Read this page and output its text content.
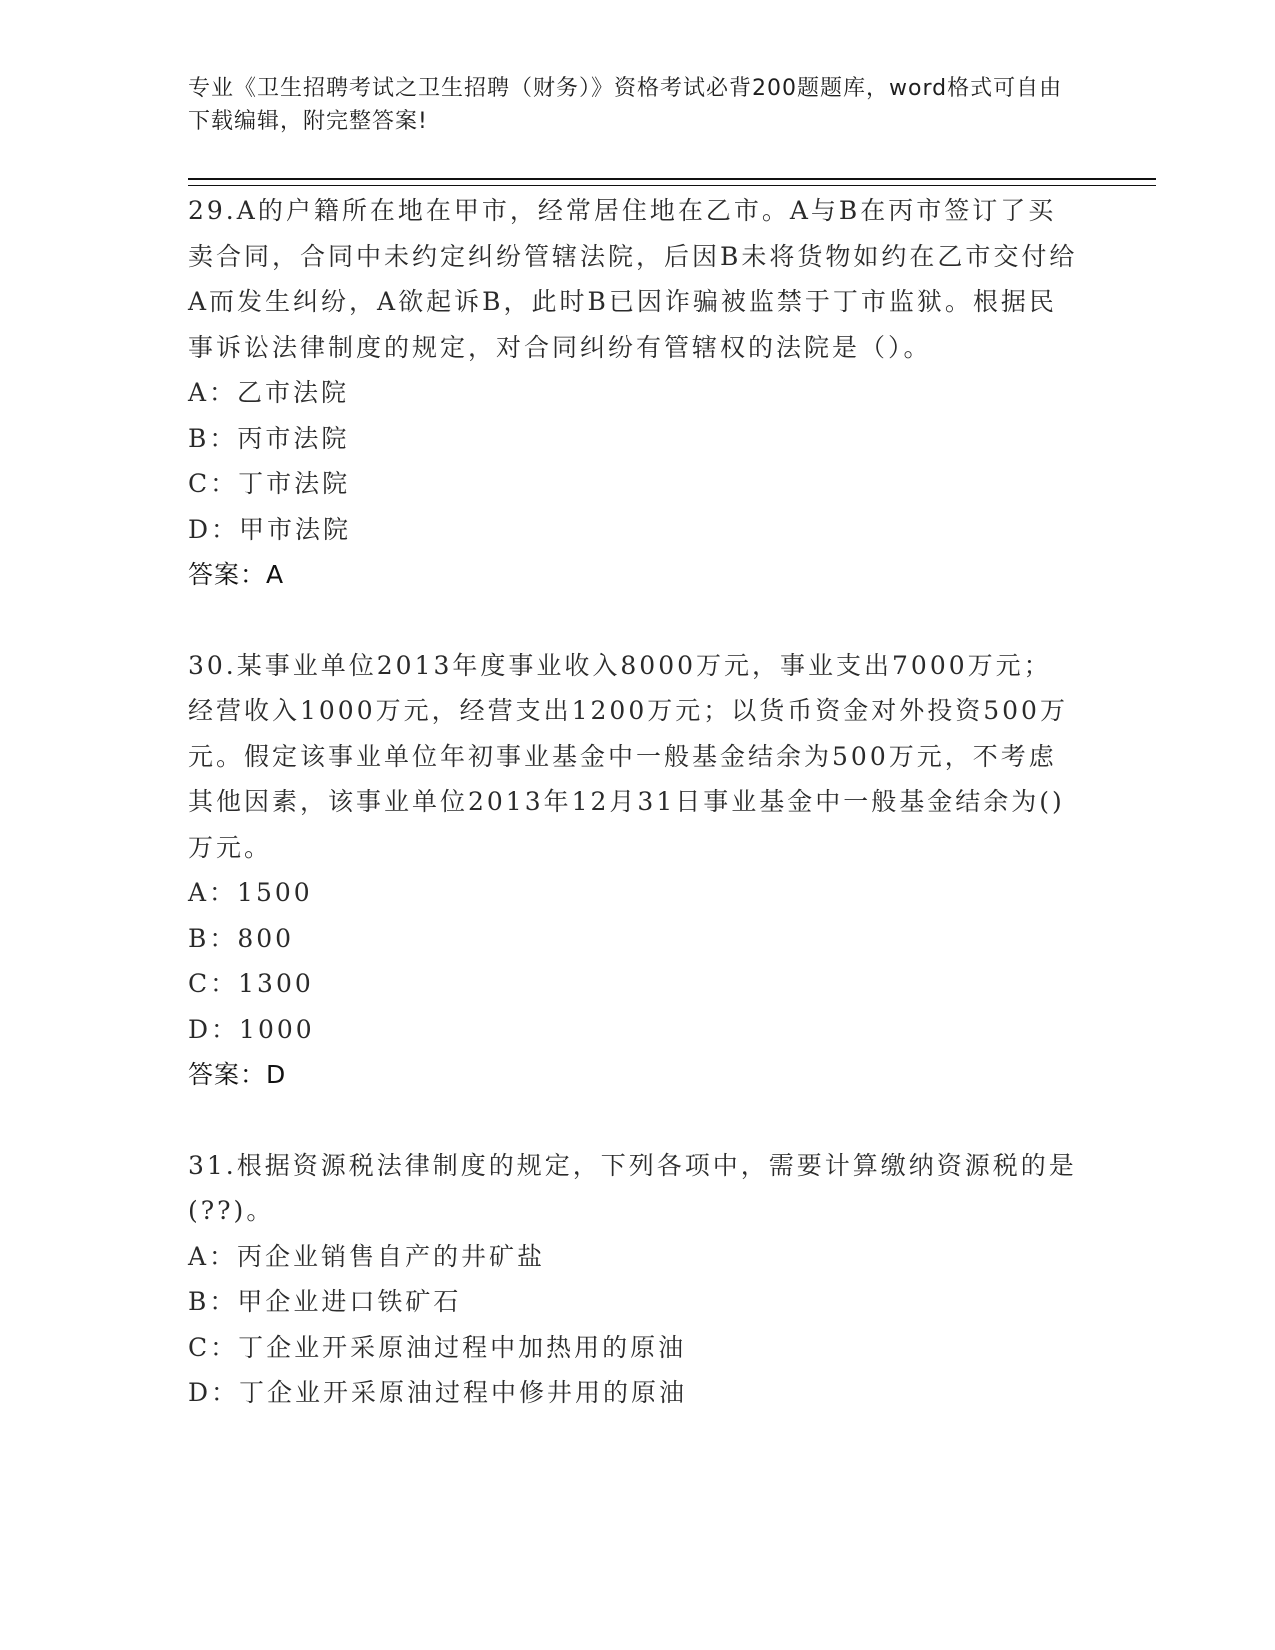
专业《卫生招聘考试之卫生招聘（财务）》资格考试必背200题题库，word格式可自由下载编辑，附完整答案!

29.A的户籍所在地在甲市，经常居住地在乙市。A与B在丙市签订了买卖合同，合同中未约定纠纷管辖法院，后因B未将货物如约在乙市交付给A而发生纠纷，A欲起诉B，此时B已因诈骗被监禁于丁市监狱。根据民事诉讼法律制度的规定，对合同纠纷有管辖权的法院是（）。

A：乙市法院

B：丙市法院

C：丁市法院

D：甲市法院

答案：A

30.某事业单位2013年度事业收入8000万元，事业支出7000万元；经营收入1000万元，经营支出1200万元；以货币资金对外投资500万元。假定该事业单位年初事业基金中一般基金结余为500万元，不考虑其他因素，该事业单位2013年12月31日事业基金中一般基金结余为()万元。

A：1500

B：800

C：1300

D：1000

答案：D

31.根据资源税法律制度的规定，下列各项中，需要计算缴纳资源税的是(??)。

A：丙企业销售自产的井矿盐

B：甲企业进口铁矿石

C：丁企业开采原油过程中加热用的原油

D：丁企业开采原油过程中修井用的原油
